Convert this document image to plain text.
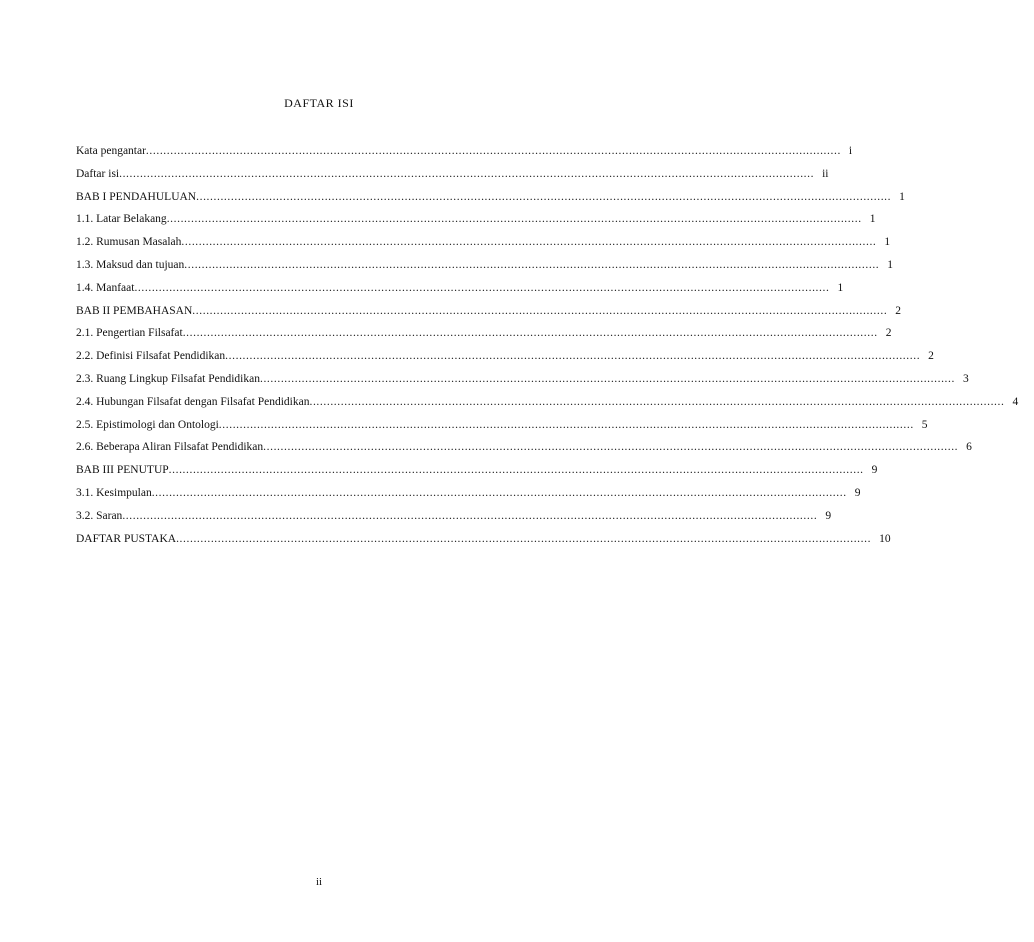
DAFTAR ISI
Kata pengantar ........................................................................................................................................................................................................ i
Daftar isi ........................................................................................................................................................................................................ ii
BAB I PENDAHULUAN ........................................................................................................................................................................................................ 1
1.1. Latar Belakang ........................................................................................................................................................................................................ 1
1.2. Rumusan Masalah ........................................................................................................................................................................................................ 1
1.3. Maksud dan tujuan ........................................................................................................................................................................................................ 1
1.4. Manfaat ........................................................................................................................................................................................................ 1
BAB II PEMBAHASAN ........................................................................................................................................................................................................ 2
2.1. Pengertian Filsafat ........................................................................................................................................................................................................ 2
2.2. Definisi Filsafat Pendidikan ........................................................................................................................................................................................................ 2
2.3. Ruang Lingkup Filsafat Pendidikan ........................................................................................................................................................................................................ 3
2.4. Hubungan Filsafat dengan Filsafat Pendidikan ........................................................................................................................................................................................................ 4
2.5. Epistimologi dan Ontologi ........................................................................................................................................................................................................ 5
2.6. Beberapa Aliran Filsafat Pendidikan ........................................................................................................................................................................................................ 6
BAB III PENUTUP ........................................................................................................................................................................................................ 9
3.1. Kesimpulan ........................................................................................................................................................................................................ 9
3.2. Saran ........................................................................................................................................................................................................ 9
DAFTAR PUSTAKA ........................................................................................................................................................................................................ 10
ii
